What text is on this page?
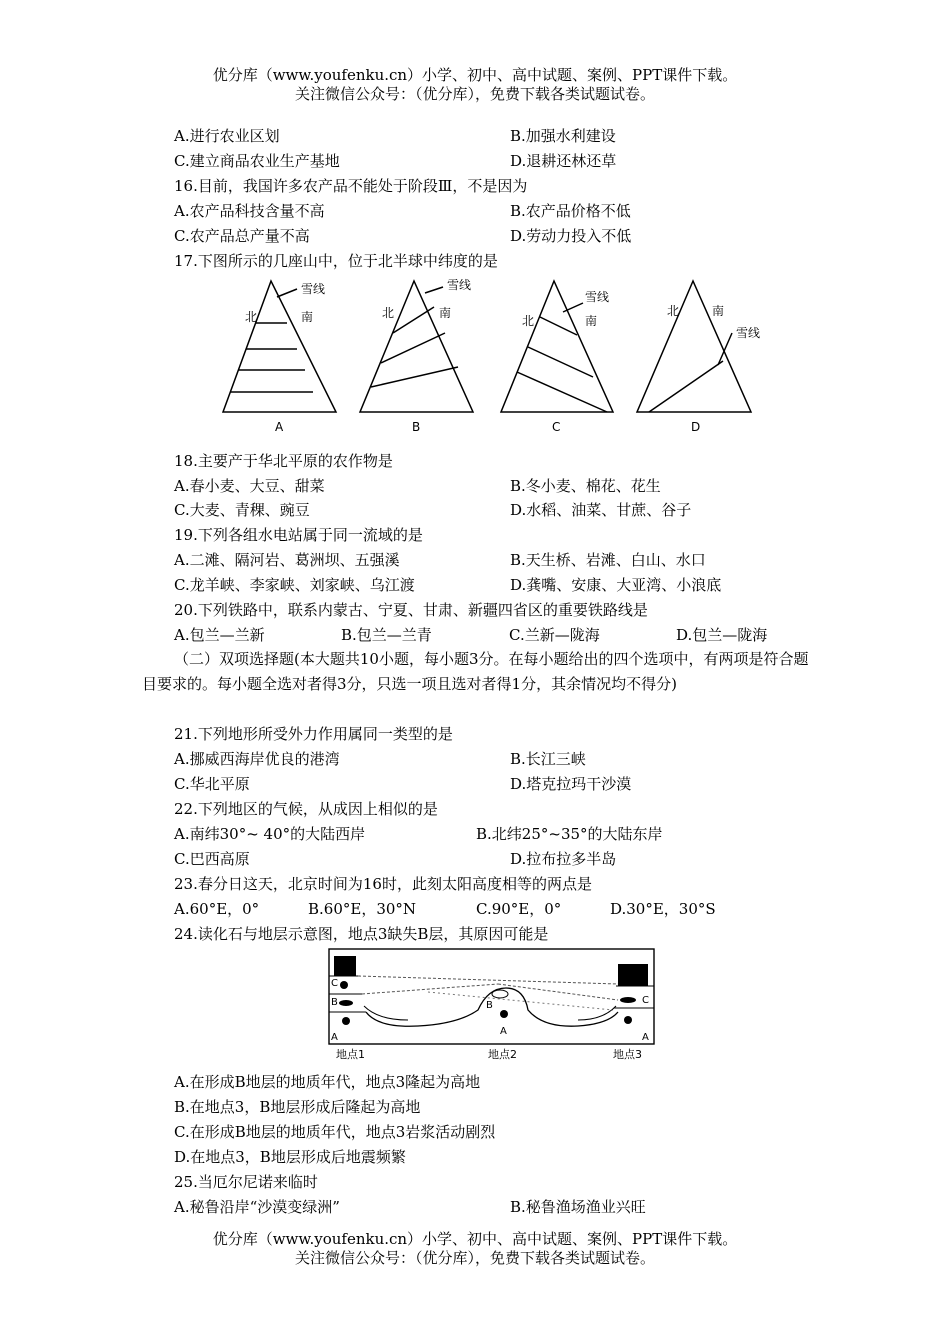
优分库（www.youfenku.cn）小学、初中、高中试题、案例、PPT课件下载。
关注微信公众号：（优分库），免费下载各类试题试卷。
A.进行农业区划	B.加强水利建设
C.建立商品农业生产基地	D.退耕还林还草
16.目前，我国许多农产品不能处于阶段Ⅲ，不是因为
A.农产品科技含量不高	B.农产品价格不低
C.农产品总产量不高	D.劳动力投入不低
17.下图所示的几座山中，位于北半球中纬度的是
雪线
北	南
雪线
北	南
雪线
北	南
北	南
雪线
A	B	C	D
18.主要产于华北平原的农作物是
A.春小麦、大豆、甜菜	B.冬小麦、棉花、花生
C.大麦、青稞、豌豆	D.水稻、油菜、甘蔗、谷子
19.下列各组水电站属于同一流域的是
A.二滩、隔河岩、葛洲坝、五强溪	B.天生桥、岩滩、白山、水口
C.龙羊峡、李家峡、刘家峡、乌江渡	D.龚嘴、安康、大亚湾、小浪底
20.下列铁路中，联系内蒙古、宁夏、甘肃、新疆四省区的重要铁路线是
A.包兰—兰新	B.包兰—兰青	C.兰新—陇海	D.包兰—陇海
（二）双项选择题(本大题共10小题，每小题3分。在每小题给出的四个选项中，有两项是符合题目要求的。每小题全选对者得3分，只选一项且选对者得1分，其余情况均不得分)
21.下列地形所受外力作用属同一类型的是
A.挪威西海岸优良的港湾	B.长江三峡
C.华北平原	D.塔克拉玛干沙漠
22.下列地区的气候，从成因上相似的是
A.南纬30°~ 40°的大陆西岸	B.北纬25°~35°的大陆东岸
C.巴西高原	D.拉布拉多半岛
23.春分日这天，北京时间为16时，此刻太阳高度相等的两点是
A.60°E，0°	B.60°E，30°N	C.90°E，0°	D.30°E，30°S
24.读化石与地层示意图，地点3缺失B层，其原因可能是
C
B
A
B
A
C
A
地点1	地点2	地点3
A.在形成B地层的地质年代，地点3隆起为高地
B.在地点3，B地层形成后隆起为高地
C.在形成B地层的地质年代，地点3岩浆活动剧烈
D.在地点3，B地层形成后地震频繁
25.当厄尔尼诺来临时
A.秘鲁沿岸“沙漠变绿洲”	B.秘鲁渔场渔业兴旺
优分库（www.youfenku.cn）小学、初中、高中试题、案例、PPT课件下载。
关注微信公众号：（优分库），免费下载各类试题试卷。
